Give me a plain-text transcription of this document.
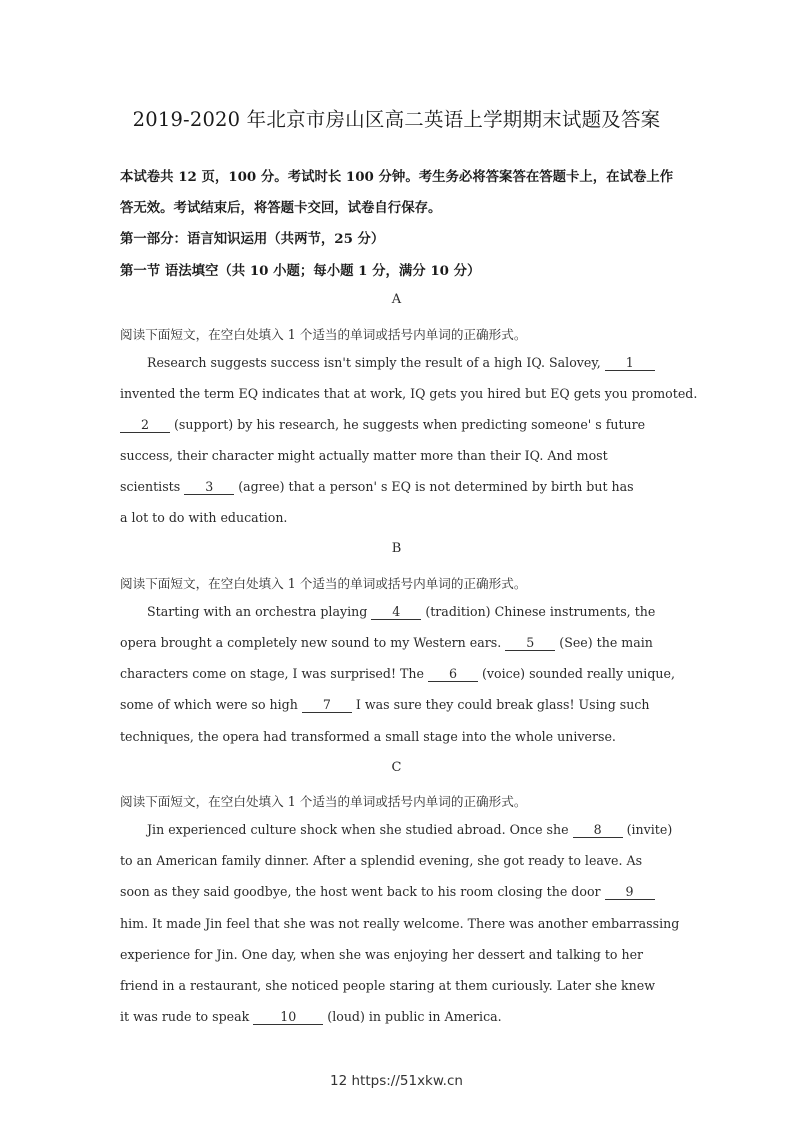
2019-2020 年北京市房山区高二英语上学期期末试题及答案
本试卷共 12 页，100 分。考试时长 100 分钟。考生务必将答案答在答题卡上，在试卷上作
答无效。考试结束后，将答题卡交回，试卷自行保存。
第一部分：语言知识运用（共两节，25 分）
第一节 语法填空（共 10 小题；每小题 1 分，满分 10 分）
A
阅读下面短文，在空白处填入 1 个适当的单词或括号内单词的正确形式。
Research suggests success isn't simply the result of a high IQ. Salovey, 1
invented the term EQ indicates that at work, IQ gets you hired but EQ gets you promoted.
2 (support) by his research, he suggests when predicting someone' s future
success, their character might actually matter more than their IQ. And most
scientists 3 (agree) that a person' s EQ is not determined by birth but has
a lot to do with education.
B
阅读下面短文，在空白处填入 1 个适当的单词或括号内单词的正确形式。
Starting with an orchestra playing 4 (tradition) Chinese instruments, the
opera brought a completely new sound to my Western ears. 5 (See) the main
characters come on stage, I was surprised! The 6 (voice) sounded really unique,
some of which were so high 7 I was sure they could break glass! Using such
techniques, the opera had transformed a small stage into the whole universe.
C
阅读下面短文，在空白处填入 1 个适当的单词或括号内单词的正确形式。
Jin experienced culture shock when she studied abroad. Once she 8 (invite)
to an American family dinner. After a splendid evening, she got ready to leave. As
soon as they said goodbye, the host went back to his room closing the door 9
him. It made Jin feel that she was not really welcome. There was another embarrassing
experience for Jin. One day, when she was enjoying her dessert and talking to her
friend in a restaurant, she noticed people staring at them curiously. Later she knew
it was rude to speak 10 (loud) in public in America.
12 https://51xkw.cn
